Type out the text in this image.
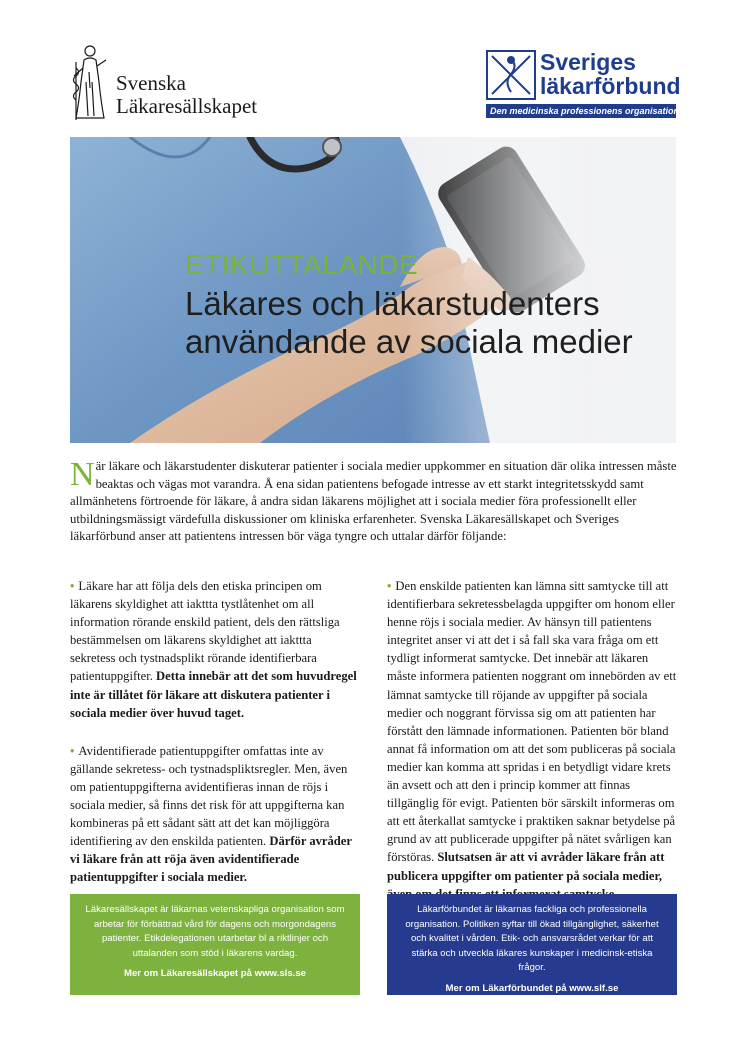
Svenska
Läkaresällskapet
Sveriges
läkarförbund
Den medicinska professionens organisation
ETIKUTTALANDE
Läkares och läkarstudenters
användande av sociala medier
När läkare och läkarstudenter diskuterar patienter i sociala medier uppkommer en situation där olika intressen måste beaktas och vägas mot varandra. Å ena sidan patientens befogade intresse av ett starkt integritetsskydd samt allmänhetens förtroende för läkare, å andra sidan läkarens möjlighet att i sociala medier föra professionellt eller utbildningsmässigt värdefulla diskussioner om kliniska erfarenheter. Svenska Läkaresällskapet och Sveriges läkarförbund anser att patientens intressen bör väga tyngre och uttalar därför följande:

• Läkare har att följa dels den etiska principen om läkarens skyldighet att iakttta tystlåtenhet om all information rörande enskild patient, dels den rättsliga bestämmelsen om läkarens skyldighet att iakttta sekretess och tystnadsplikt rörande identifierbara patientuppgifter. Detta innebär att det som huvudregel inte är tillåtet för läkare att diskutera patienter i sociala medier över huvud taget.

• Avidentifierade patientuppgifter omfattas inte av gällande sekretess- och tystnadspliktsregler. Men, även om patientuppgifterna avidentifieras innan de röjs i sociala medier, så finns det risk för att uppgifterna kan kombineras på ett sådant sätt att det kan möjliggöra identifiering av den enskilda patienten. Därför avråder vi läkare från att röja även avidentifierade patientuppgifter i sociala medier.

• Den enskilde patienten kan lämna sitt samtycke till att identifierbara sekretessbelagda uppgifter om honom eller henne röjs i sociala medier. Av hänsyn till patientens integritet anser vi att det i så fall ska vara fråga om ett tydligt informerat samtycke. Det innebär att läkaren måste informera patienten noggrant om innebörden av ett lämnat samtycke till röjande av uppgifter på sociala medier och noggrant förvissa sig om att patienten har förstått den lämnade informationen. Patienten bör bland annat få information om att det som publiceras på sociala medier kan komma att spridas i en betydligt vidare krets än avsett och att den i princip kommer att finnas tillgänglig för evigt. Patienten bör särskilt informeras om att ett återkallat samtycke i praktiken saknar betydelse på grund av att publicerade uppgifter på nätet svårligen kan förstöras. Slutsatsen är att vi avråder läkare från att publicera uppgifter om patienter på sociala medier,

Läkaresällskapet är läkarnas vetenskapliga organisation som arbetar för förbättrad vård för dagens och morgondagens patienter. Etikdelegationen utarbetar bl a riktlinjer och uttalanden som stöd i läkarens vardag.
Mer om Läkaresällskapet på www.sls.se
Läkarförbundet är läkarnas fackliga och professionella organisation. Politiken syftar till ökad tillgänglighet, säkerhet och kvalitet i vården. Etik- och ansvarsrådet verkar för att stärka och utveckla läkares kunskaper i medicinsk-etiska frågor.
Mer om Läkarförbundet på www.slf.se
